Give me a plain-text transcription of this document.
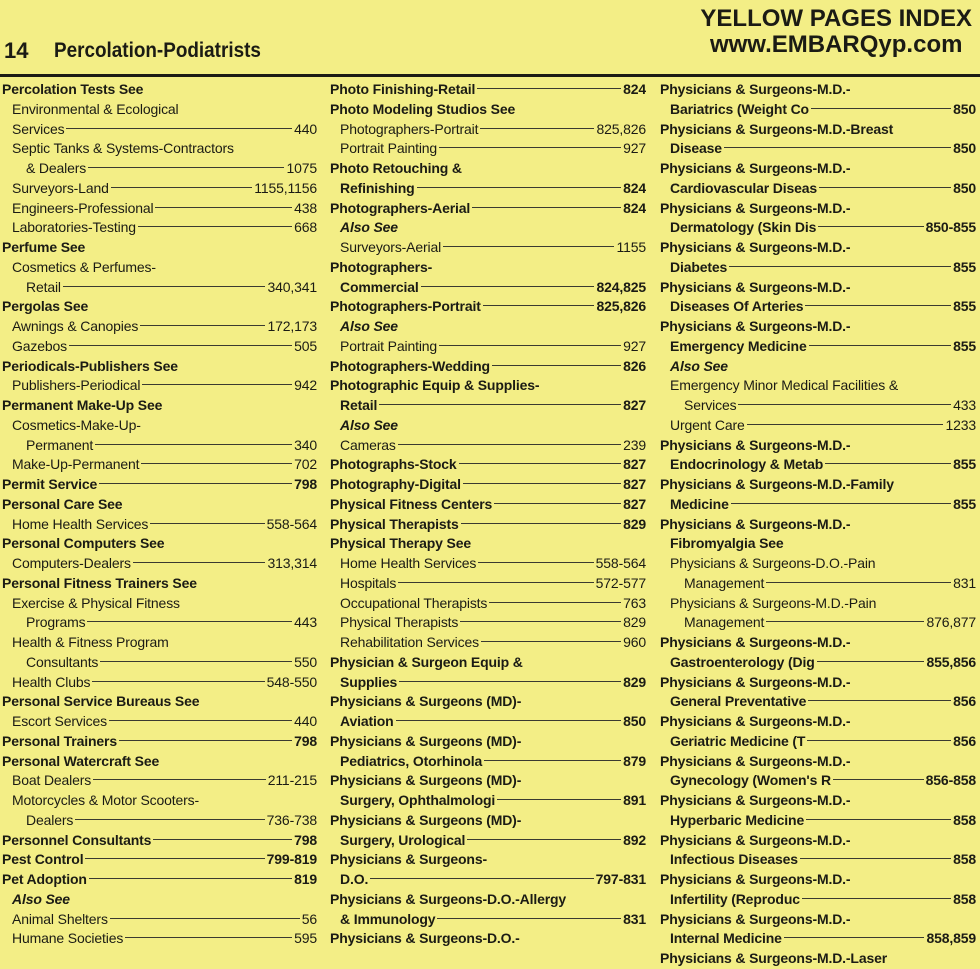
14 Percolation-Podiatrists
YELLOW PAGES INDEX
www.EMBARQyp.com
Percolation Tests See
Environmental & Ecological
Services	440
Septic Tanks & Systems-Contractors
& Dealers	1075
Surveyors-Land	1155,1156
Engineers-Professional	438
Laboratories-Testing	668
Perfume See
Cosmetics & Perfumes-
Retail	340,341
Pergolas See
Awnings & Canopies	172,173
Gazebos	505
Periodicals-Publishers See
Publishers-Periodical	942
Permanent Make-Up See
Cosmetics-Make-Up-
Permanent	340
Make-Up-Permanent	702
Permit Service	798
Personal Care See
Home Health Services	558-564
Personal Computers See
Computers-Dealers	313,314
Personal Fitness Trainers See
Exercise & Physical Fitness
Programs	443
Health & Fitness Program
Consultants	550
Health Clubs	548-550
Personal Service Bureaus See
Escort Services	440
Personal Trainers	798
Personal Watercraft See
Boat Dealers	211-215
Motorcycles & Motor Scooters-
Dealers	736-738
Personnel Consultants	798
Pest Control	799-819
Pet Adoption	819
Also See
Animal Shelters	56
Humane Societies	595
Photo Finishing-Retail	824
Photo Modeling Studios See
Photographers-Portrait	825,826
Portrait Painting	927
Photo Retouching &
Refinishing	824
Photographers-Aerial	824
Also See
Surveyors-Aerial	1155
Photographers-
Commercial	824,825
Photographers-Portrait	825,826
Also See
Portrait Painting	927
Photographers-Wedding	826
Photographic Equip & Supplies-
Retail	827
Also See
Cameras	239
Photographs-Stock	827
Photography-Digital	827
Physical Fitness Centers	827
Physical Therapists	829
Physical Therapy See
Home Health Services	558-564
Hospitals	572-577
Occupational Therapists	763
Physical Therapists	829
Rehabilitation Services	960
Physician & Surgeon Equip &
Supplies	829
Physicians & Surgeons (MD)-
Aviation	850
Physicians & Surgeons (MD)-
Pediatrics, Otorhinola	879
Physicians & Surgeons (MD)-
Surgery, Ophthalmologi	891
Physicians & Surgeons (MD)-
Surgery, Urological	892
Physicians & Surgeons-
D.O.	797-831
Physicians & Surgeons-D.O.-Allergy
& Immunology	831
Physicians & Surgeons-D.O.-
Physicians & Surgeons-M.D.-
Bariatrics (Weight Co	850
Physicians & Surgeons-M.D.-Breast
Disease	850
Physicians & Surgeons-M.D.-
Cardiovascular Diseas	850
Physicians & Surgeons-M.D.-
Dermatology (Skin Dis	850-855
Physicians & Surgeons-M.D.-
Diabetes	855
Physicians & Surgeons-M.D.-
Diseases Of Arteries	855
Physicians & Surgeons-M.D.-
Emergency Medicine	855
Also See
Emergency Minor Medical Facilities &
Services	433
Urgent Care	1233
Physicians & Surgeons-M.D.-
Endocrinology & Metab	855
Physicians & Surgeons-M.D.-Family
Medicine	855
Physicians & Surgeons-M.D.-
Fibromyalgia See
Physicians & Surgeons-D.O.-Pain
Management	831
Physicians & Surgeons-M.D.-Pain
Management	876,877
Physicians & Surgeons-M.D.-
Gastroenterology (Dig	855,856
Physicians & Surgeons-M.D.-
General Preventative	856
Physicians & Surgeons-M.D.-
Geriatric Medicine (T	856
Physicians & Surgeons-M.D.-
Gynecology (Women's R	856-858
Physicians & Surgeons-M.D.-
Hyperbaric Medicine	858
Physicians & Surgeons-M.D.-
Infectious Diseases	858
Physicians & Surgeons-M.D.-
Infertility (Reproduc	858
Physicians & Surgeons-M.D.-
Internal Medicine	858,859
Physicians & Surgeons-M.D.-Laser
